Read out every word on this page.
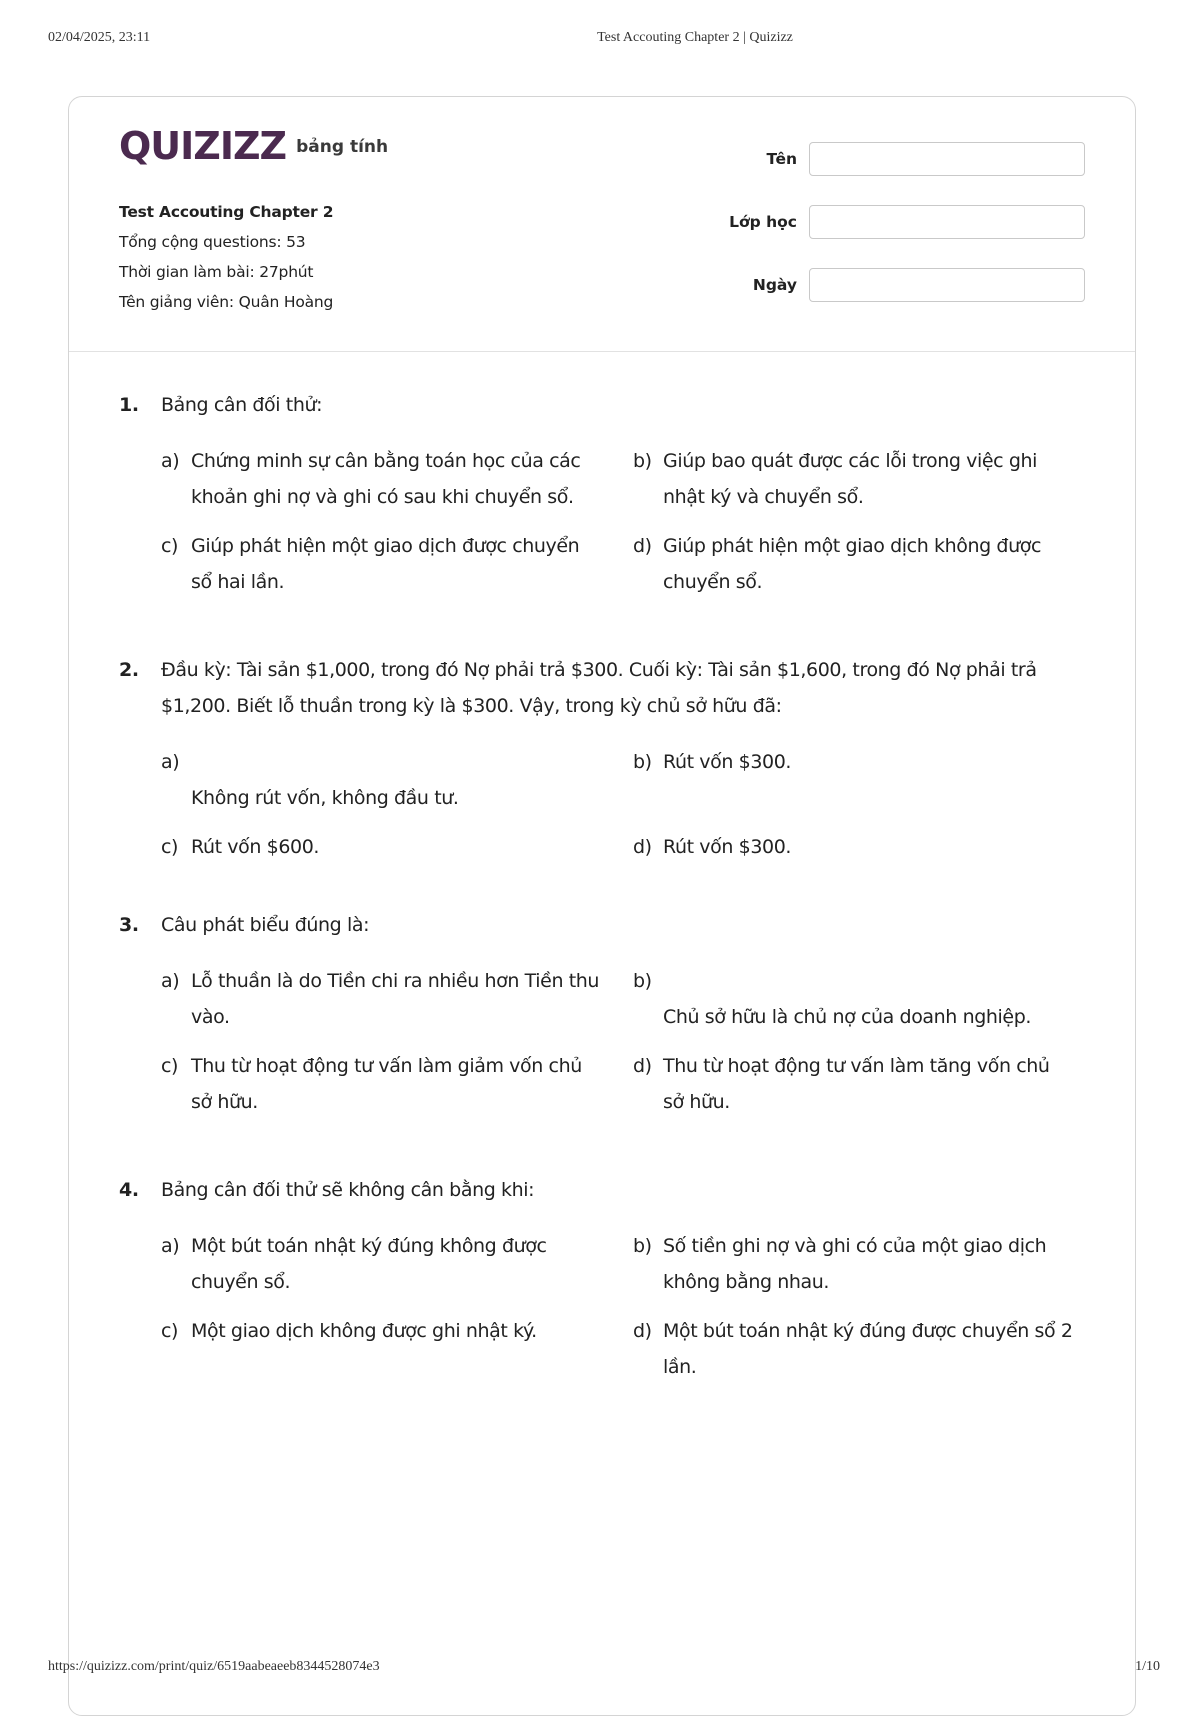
02/04/2025, 23:11	Test Accouting Chapter 2 | Quizizz
QUIZIZZ bảng tính
Test Accouting Chapter 2
Tổng cộng questions: 53
Thời gian làm bài: 27phút
Tên giảng viên: Quân Hoàng
Tên
Lớp học
Ngày
1.	Bảng cân đối thử:
a) Chứng minh sự cân bằng toán học của các khoản ghi nợ và ghi có sau khi chuyển sổ.
b) Giúp bao quát được các lỗi trong việc ghi nhật ký và chuyển sổ.
c) Giúp phát hiện một giao dịch được chuyển sổ hai lần.
d) Giúp phát hiện một giao dịch không được chuyển sổ.
2.	Đầu kỳ: Tài sản $1,000, trong đó Nợ phải trả $300. Cuối kỳ: Tài sản $1,600, trong đó Nợ phải trả $1,200. Biết lỗ thuần trong kỳ là $300. Vậy, trong kỳ chủ sở hữu đã:
a)
Không rút vốn, không đầu tư.
b) Rút vốn $300.
c) Rút vốn $600.	d) Rút vốn $300.
3.	Câu phát biểu đúng là:
a) Lỗ thuần là do Tiền chi ra nhiều hơn Tiền thu vào.
b)
Chủ sở hữu là chủ nợ của doanh nghiệp.
c) Thu từ hoạt động tư vấn làm giảm vốn chủ sở hữu.
d) Thu từ hoạt động tư vấn làm tăng vốn chủ sở hữu.
4.	Bảng cân đối thử sẽ không cân bằng khi:
a) Một bút toán nhật ký đúng không được chuyển sổ.
b) Số tiền ghi nợ và ghi có của một giao dịch không bằng nhau.
c) Một giao dịch không được ghi nhật ký.	d) Một bút toán nhật ký đúng được chuyển sổ 2 lần.
https://quizizz.com/print/quiz/6519aabeaeeb8344528074e3	1/10
